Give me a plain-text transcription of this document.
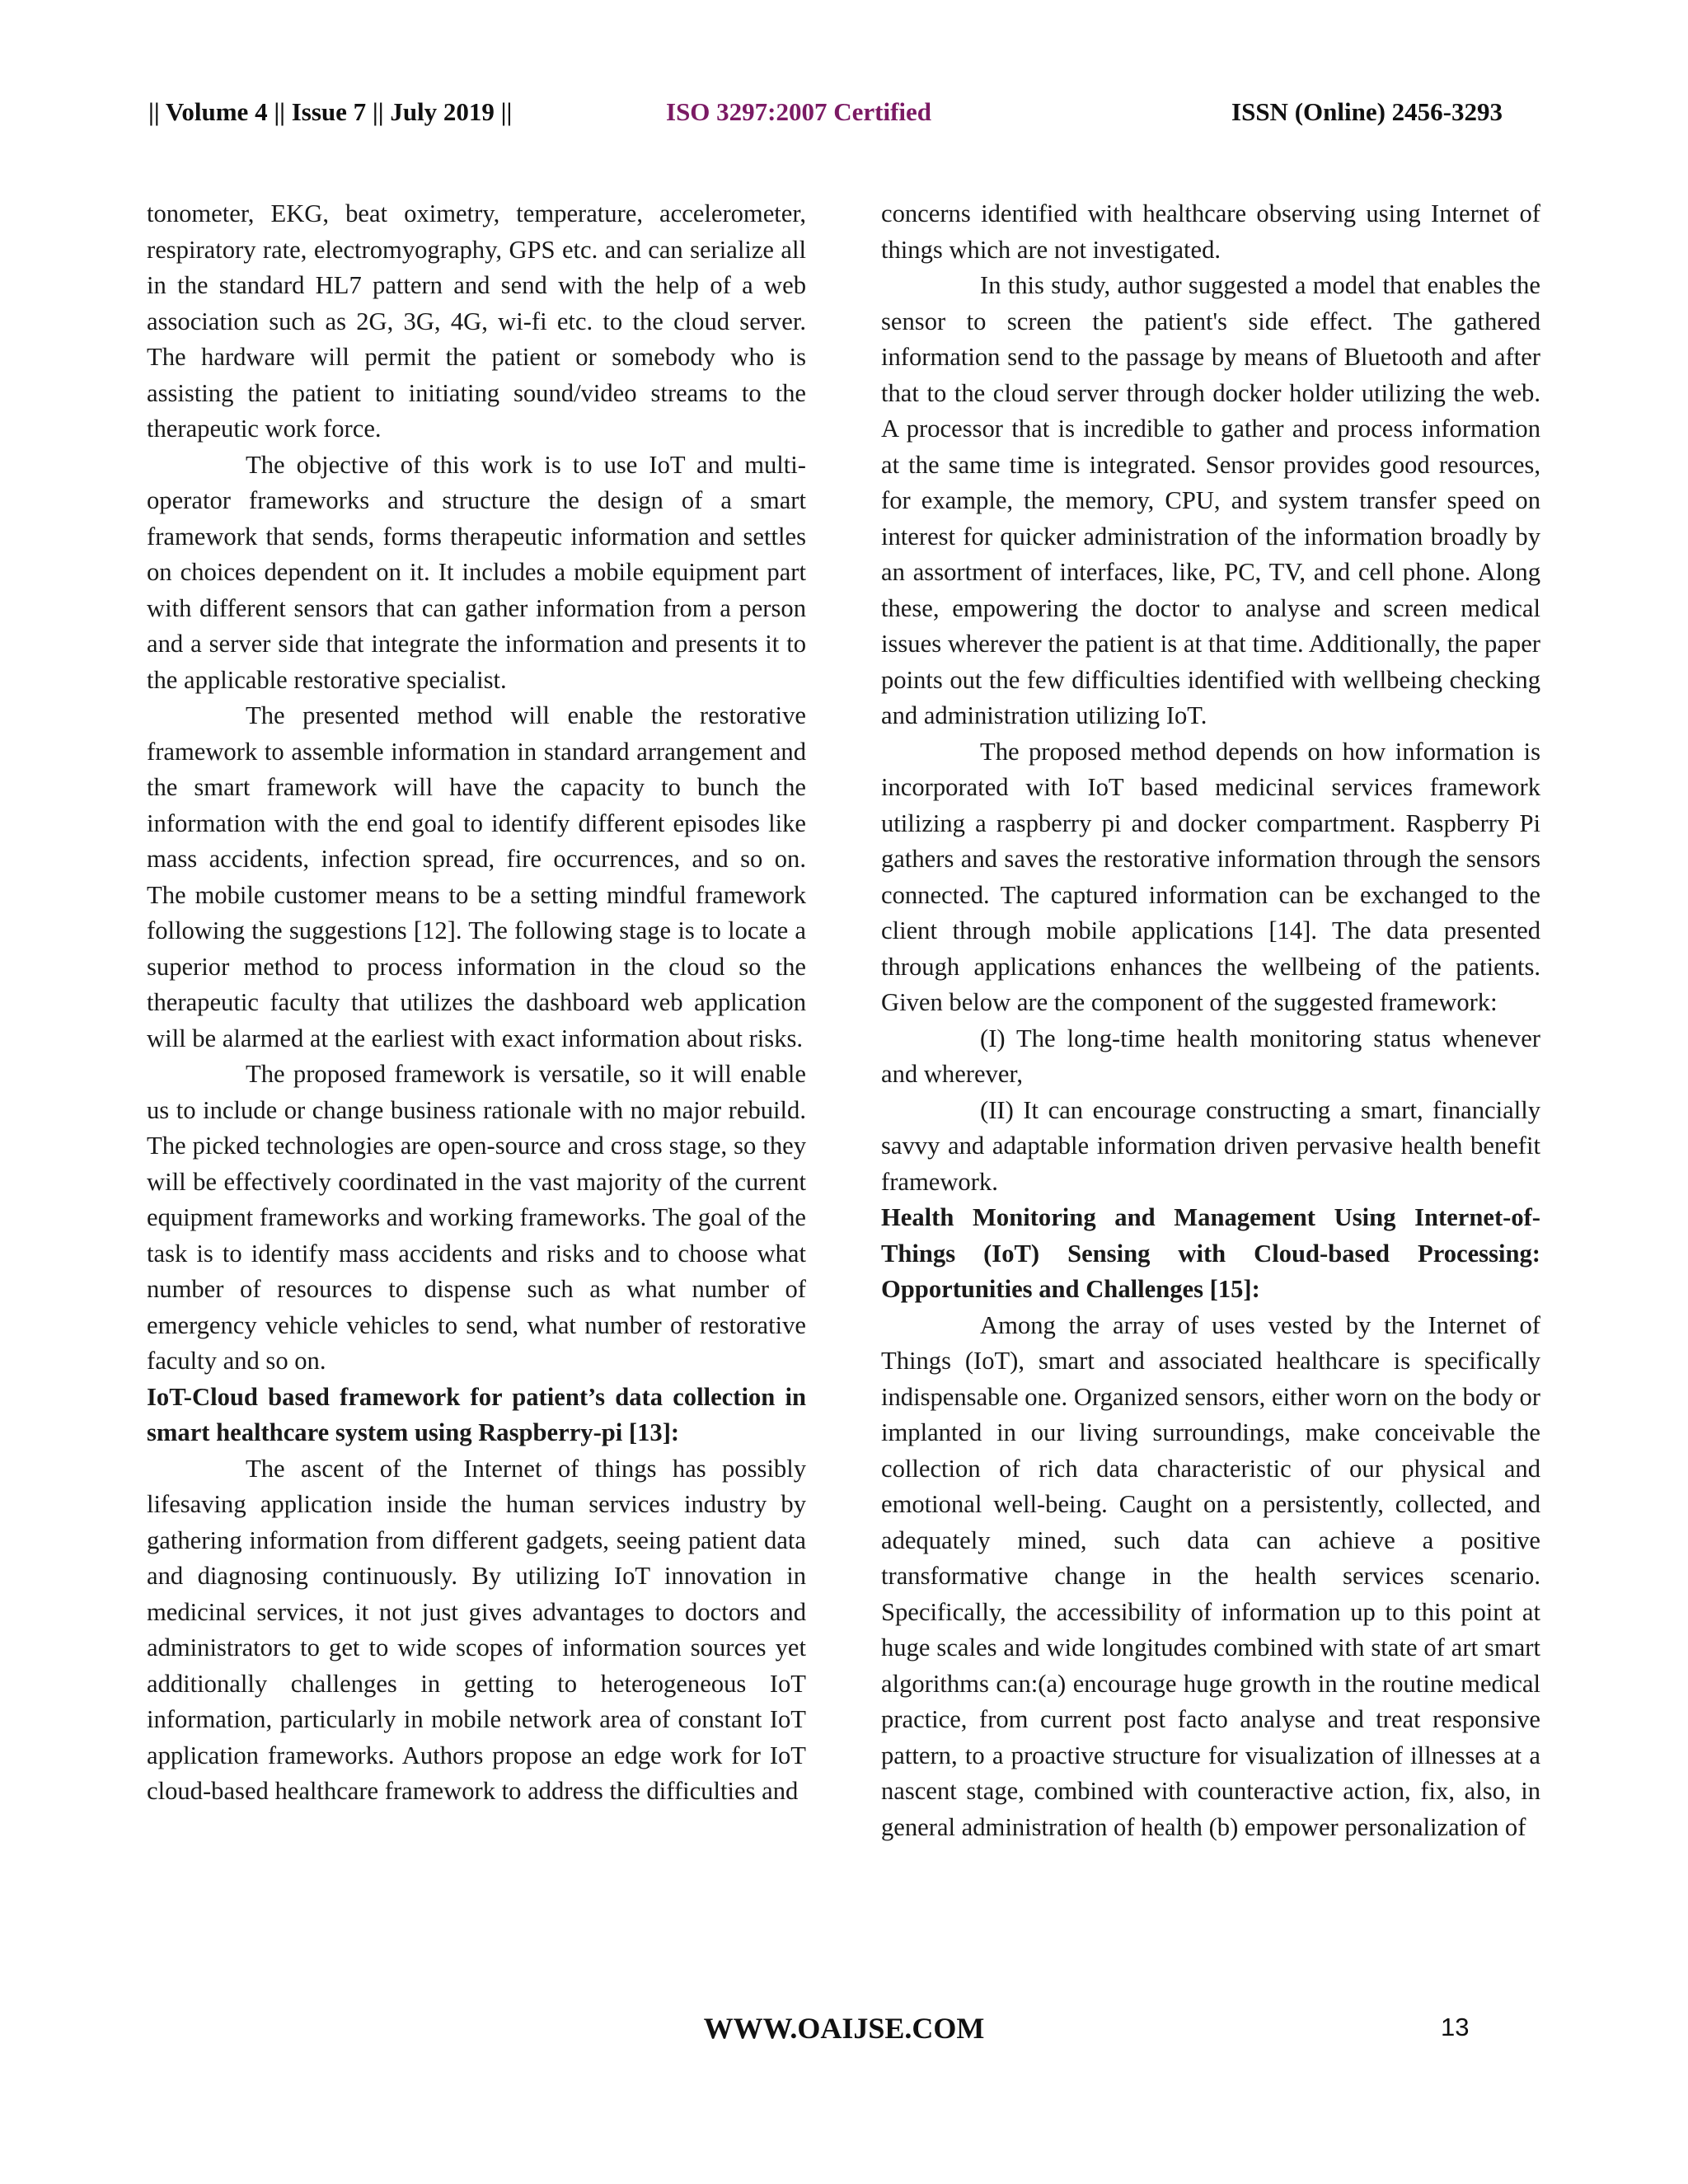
|| Volume 4 || Issue 7 || July 2019 ||	ISO 3297:2007 Certified	ISSN (Online) 2456-3293

tonometer, EKG, beat oximetry, temperature, accelerometer, respiratory rate, electromyography, GPS etc. and can serialize all in the standard HL7 pattern and send with the help of a web association such as 2G, 3G, 4G, wi-fi etc. to the cloud server. The hardware will permit the patient or somebody who is assisting the patient to initiating sound/video streams to the therapeutic work force.

The objective of this work is to use IoT and multi-operator frameworks and structure the design of a smart framework that sends, forms therapeutic information and settles on choices dependent on it. It includes a mobile equipment part with different sensors that can gather information from a person and a server side that integrate the information and presents it to the applicable restorative specialist.

The presented method will enable the restorative framework to assemble information in standard arrangement and the smart framework will have the capacity to bunch the information with the end goal to identify different episodes like mass accidents, infection spread, fire occurrences, and so on. The mobile customer means to be a setting mindful framework following the suggestions [12]. The following stage is to locate a superior method to process information in the cloud so the therapeutic faculty that utilizes the dashboard web application will be alarmed at the earliest with exact information about risks.

The proposed framework is versatile, so it will enable us to include or change business rationale with no major rebuild. The picked technologies are open-source and cross stage, so they will be effectively coordinated in the vast majority of the current equipment frameworks and working frameworks. The goal of the task is to identify mass accidents and risks and to choose what number of resources to dispense such as what number of emergency vehicle vehicles to send, what number of restorative faculty and so on.

IoT-Cloud based framework for patient’s data collection in smart healthcare system using Raspberry-pi [13]:

The ascent of the Internet of things has possibly lifesaving application inside the human services industry by gathering information from different gadgets, seeing patient data and diagnosing continuously. By utilizing IoT innovation in medicinal services, it not just gives advantages to doctors and administrators to get to wide scopes of information sources yet additionally challenges in getting to heterogeneous IoT information, particularly in mobile network area of constant IoT application frameworks. Authors propose an edge work for IoT cloud-based healthcare framework to address the difficulties and

concerns identified with healthcare observing using Internet of things which are not investigated.

In this study, author suggested a model that enables the sensor to screen the patient's side effect. The gathered information send to the passage by means of Bluetooth and after that to the cloud server through docker holder utilizing the web. A processor that is incredible to gather and process information at the same time is integrated. Sensor provides good resources, for example, the memory, CPU, and system transfer speed on interest for quicker administration of the information broadly by an assortment of interfaces, like, PC, TV, and cell phone. Along these, empowering the doctor to analyse and screen medical issues wherever the patient is at that time. Additionally, the paper points out the few difficulties identified with wellbeing checking and administration utilizing IoT.

The proposed method depends on how information is incorporated with IoT based medicinal services framework utilizing a raspberry pi and docker compartment. Raspberry Pi gathers and saves the restorative information through the sensors connected. The captured information can be exchanged to the client through mobile applications [14]. The data presented through applications enhances the wellbeing of the patients. Given below are the component of the suggested framework:

(I) The long-time health monitoring status whenever and wherever,

(II) It can encourage constructing a smart, financially savvy and adaptable information driven pervasive health benefit framework.

Health Monitoring and Management Using Internet-of-Things (IoT) Sensing with Cloud-based Processing: Opportunities and Challenges [15]:

Among the array of uses vested by the Internet of Things (IoT), smart and associated healthcare is specifically indispensable one. Organized sensors, either worn on the body or implanted in our living surroundings, make conceivable the collection of rich data characteristic of our physical and emotional well-being. Caught on a persistently, collected, and adequately mined, such data can achieve a positive transformative change in the health services scenario. Specifically, the accessibility of information up to this point at huge scales and wide longitudes combined with state of art smart algorithms can:(a) encourage huge growth in the routine medical practice, from current post facto analyse and treat responsive pattern, to a proactive structure for visualization of illnesses at a nascent stage, combined with counteractive action, fix, also, in general administration of health (b) empower personalization of

WWW.OAIJSE.COM	13
